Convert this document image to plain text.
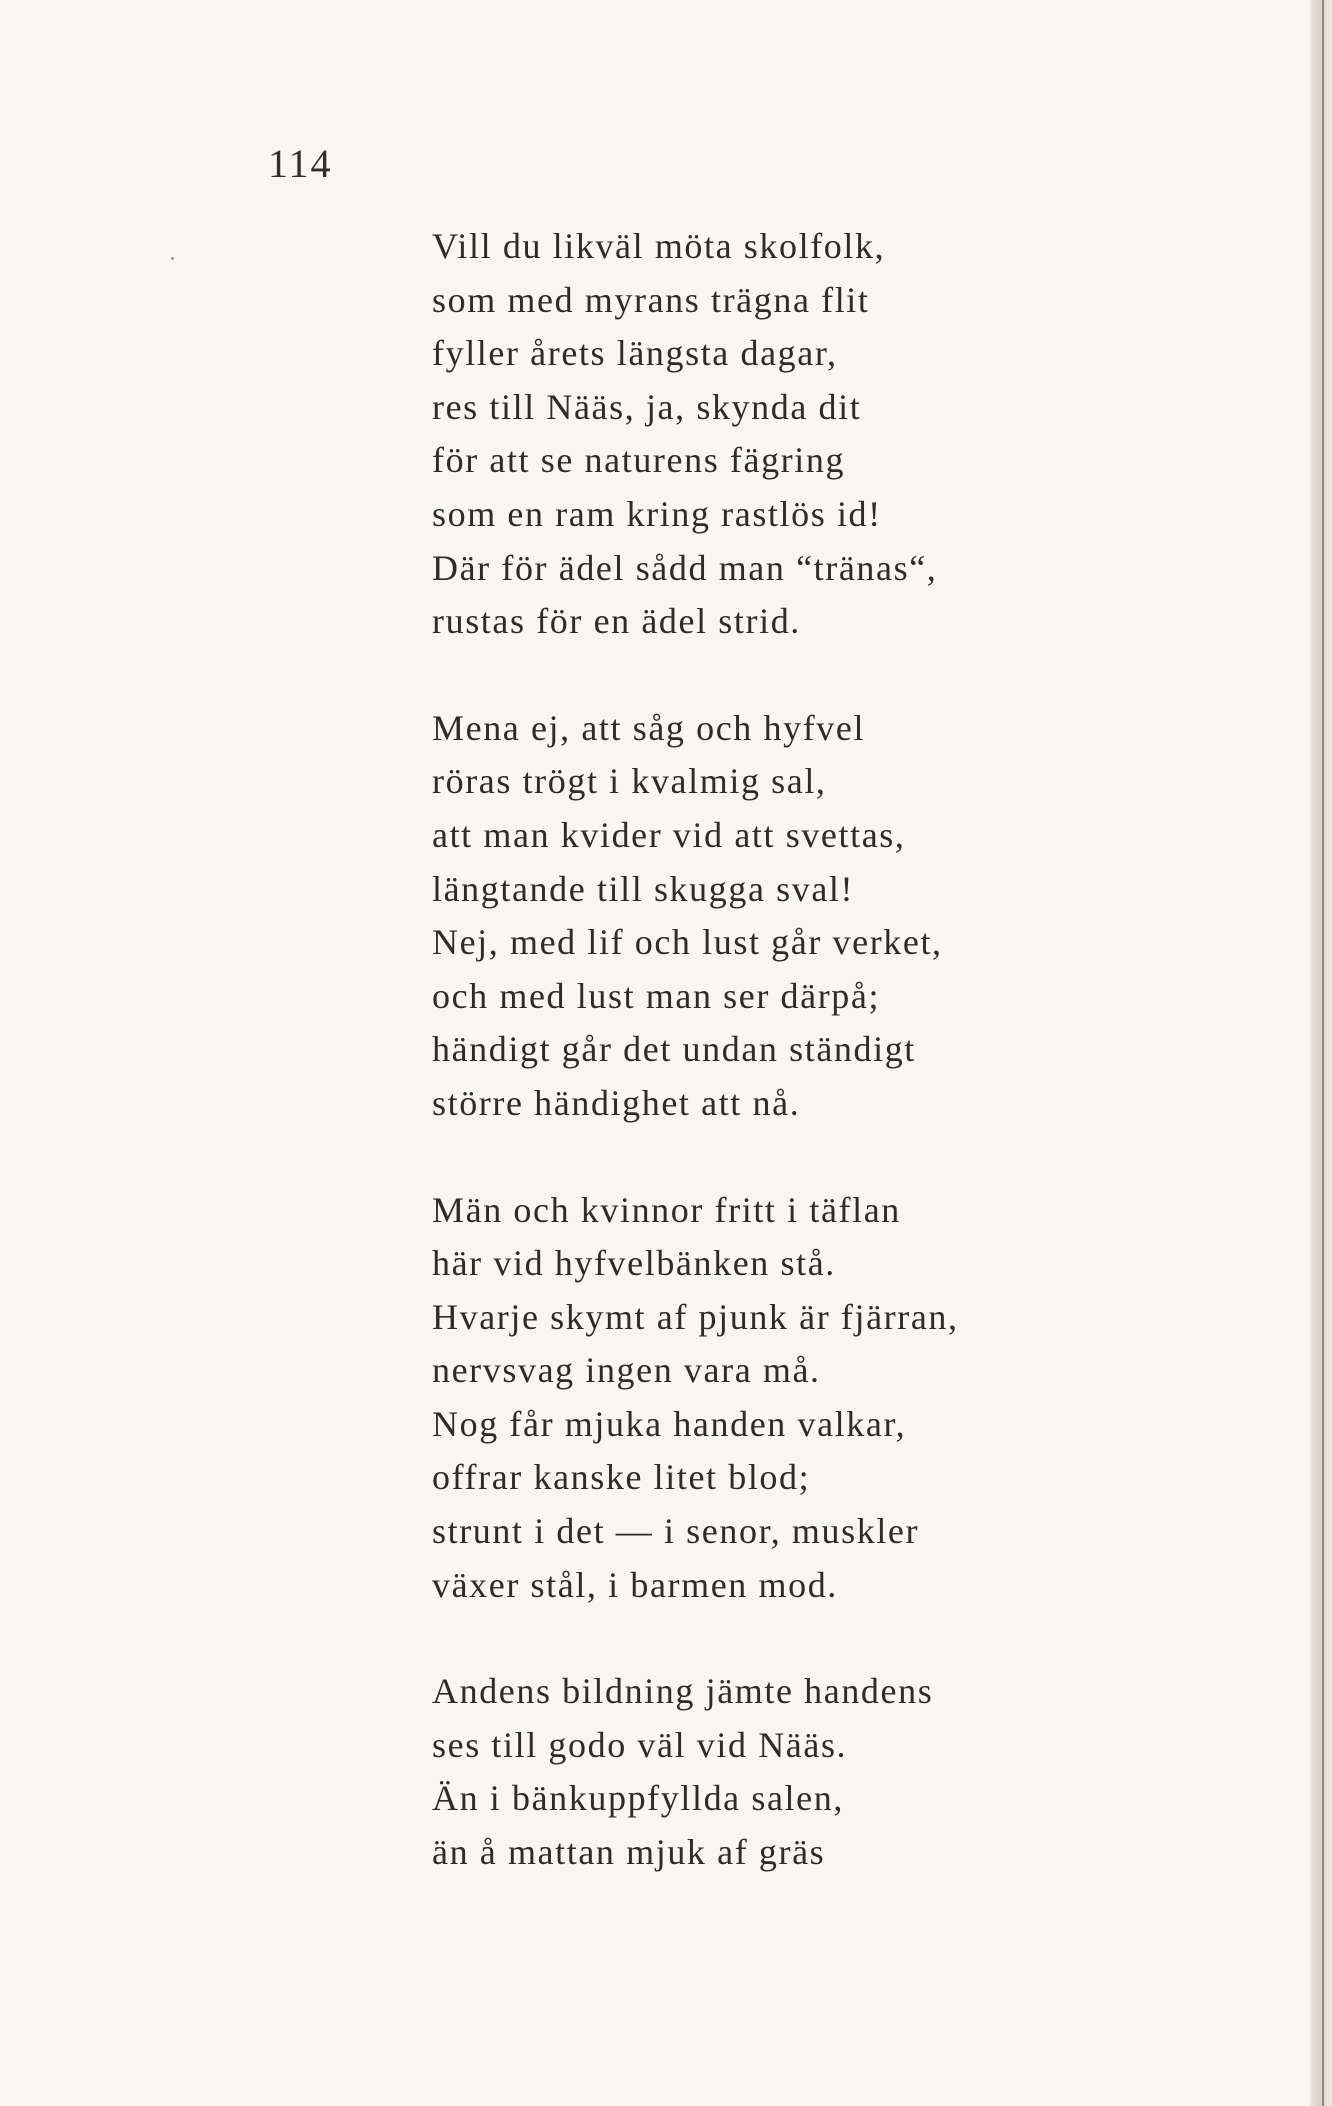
114
Vill du likväl möta skolfolk,
som med myrans trägna flit
fyller årets längsta dagar,
res till Nääs, ja, skynda dit
för att se naturens fägring
som en ram kring rastlös id!
Där för ädel sådd man “tränas“,
rustas för en ädel strid.
Mena ej, att såg och hyfvel
röras trögt i kvalmig sal,
att man kvider vid att svettas,
längtande till skugga sval!
Nej, med lif och lust går verket,
och med lust man ser därpå;
händigt går det undan ständigt
större händighet att nå.
Män och kvinnor fritt i täflan
här vid hyfvelbänken stå.
Hvarje skymt af pjunk är fjärran,
nervsvag ingen vara må.
Nog får mjuka handen valkar,
offrar kanske litet blod;
strunt i det — i senor, muskler
växer stål, i barmen mod.
Andens bildning jämte handens
ses till godo väl vid Nääs.
Än i bänkuppfyllda salen,
än å mattan mjuk af gräs
